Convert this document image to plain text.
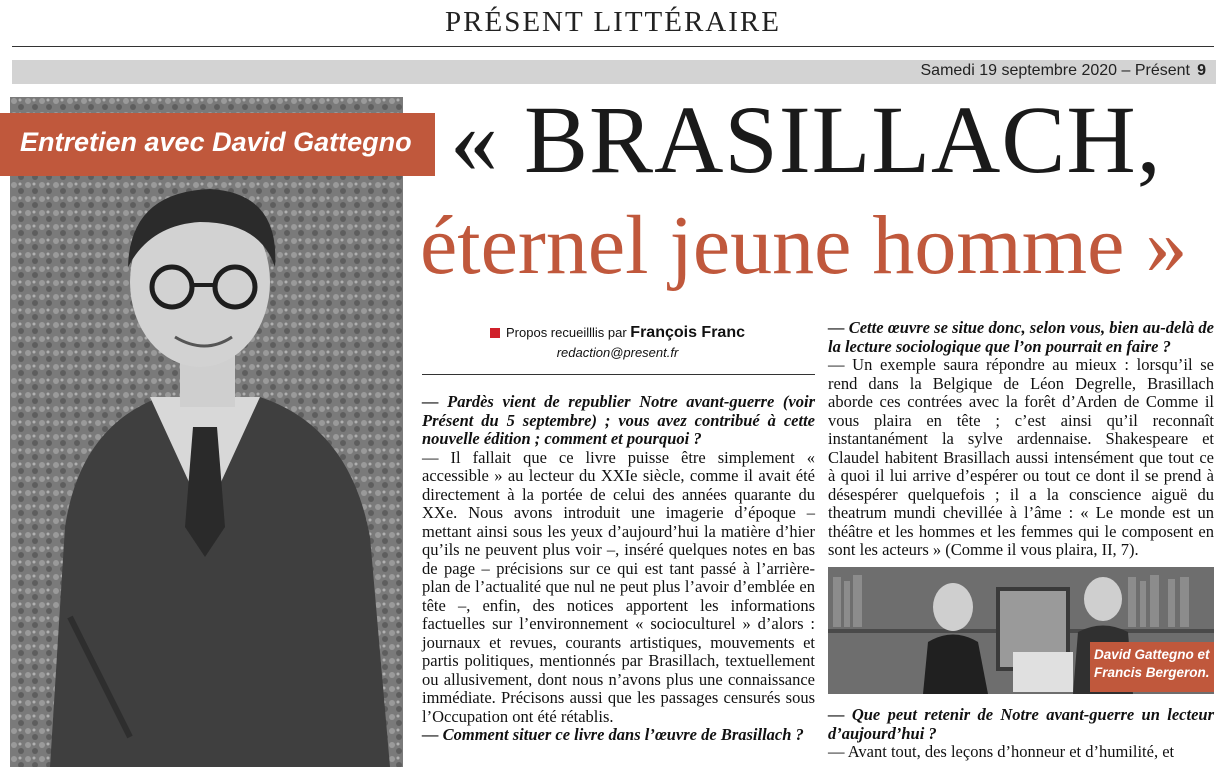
PRÉSENT LITTÉRAIRE
Samedi 19 septembre 2020 – Présent 9
Entretien avec David Gattegno « BRASILLACH,
éternel jeune homme »
Propos recueilllis par François Franc
redaction@present.fr

— Pardès vient de republier Notre avant-guerre (voir Présent du 5 septembre) ; vous avez contribué à cette nouvelle édition ; comment et pourquoi ?

— Il fallait que ce livre puisse être simplement « accessible » au lecteur du XXIe siècle, comme il avait été directement à la portée de celui des années quarante du XXe. Nous avons introduit une imagerie d’époque – mettant ainsi sous les yeux d’aujourd’hui la matière d’hier qu’ils ne peuvent plus voir –, inséré quelques notes en bas de page – précisions sur ce qui est tant passé à l’arrière-plan de l’actualité que nul ne peut plus l’avoir d’emblée en tête –, enfin, des notices apportent les informations factuelles sur l’environnement « socioculturel » d’alors : journaux et revues, courants artistiques, mouvements et partis politiques, mentionnés par Brasillach, textuellement ou allusivement, dont nous n’avons plus une connaissance immédiate. Précisons aussi que les passages censurés sous l’Occupation ont été rétablis.

— Comment situer ce livre dans l’œuvre de Brasillach ?

— Cette œuvre se situe donc, selon vous, bien au-delà de la lecture sociologique que l’on pourrait en faire ?

— Un exemple saura répondre au mieux : lorsqu’il se rend dans la Belgique de Léon Degrelle, Brasillach aborde ces contrées avec la forêt d’Arden de Comme il vous plaira en tête ; c’est ainsi qu’il reconnaît instantanément la sylve ardennaise. Shakespeare et Claudel habitent Brasillach aussi intensément que tout ce à quoi il lui arrive d’espérer ou tout ce dont il se prend à désespérer quelquefois ; il a la conscience aiguë du theatrum mundi chevillée à l’âme : « Le monde est un théâtre et les hommes et les femmes qui le composent en sont les acteurs » (Comme il vous plaira, II, 7).

David Gattegno et
Francis Bergeron.

— Que peut retenir de Notre avant-guerre un lecteur d’aujourd’hui ?

— Avant tout, des leçons d’honneur et d’humilité, et
